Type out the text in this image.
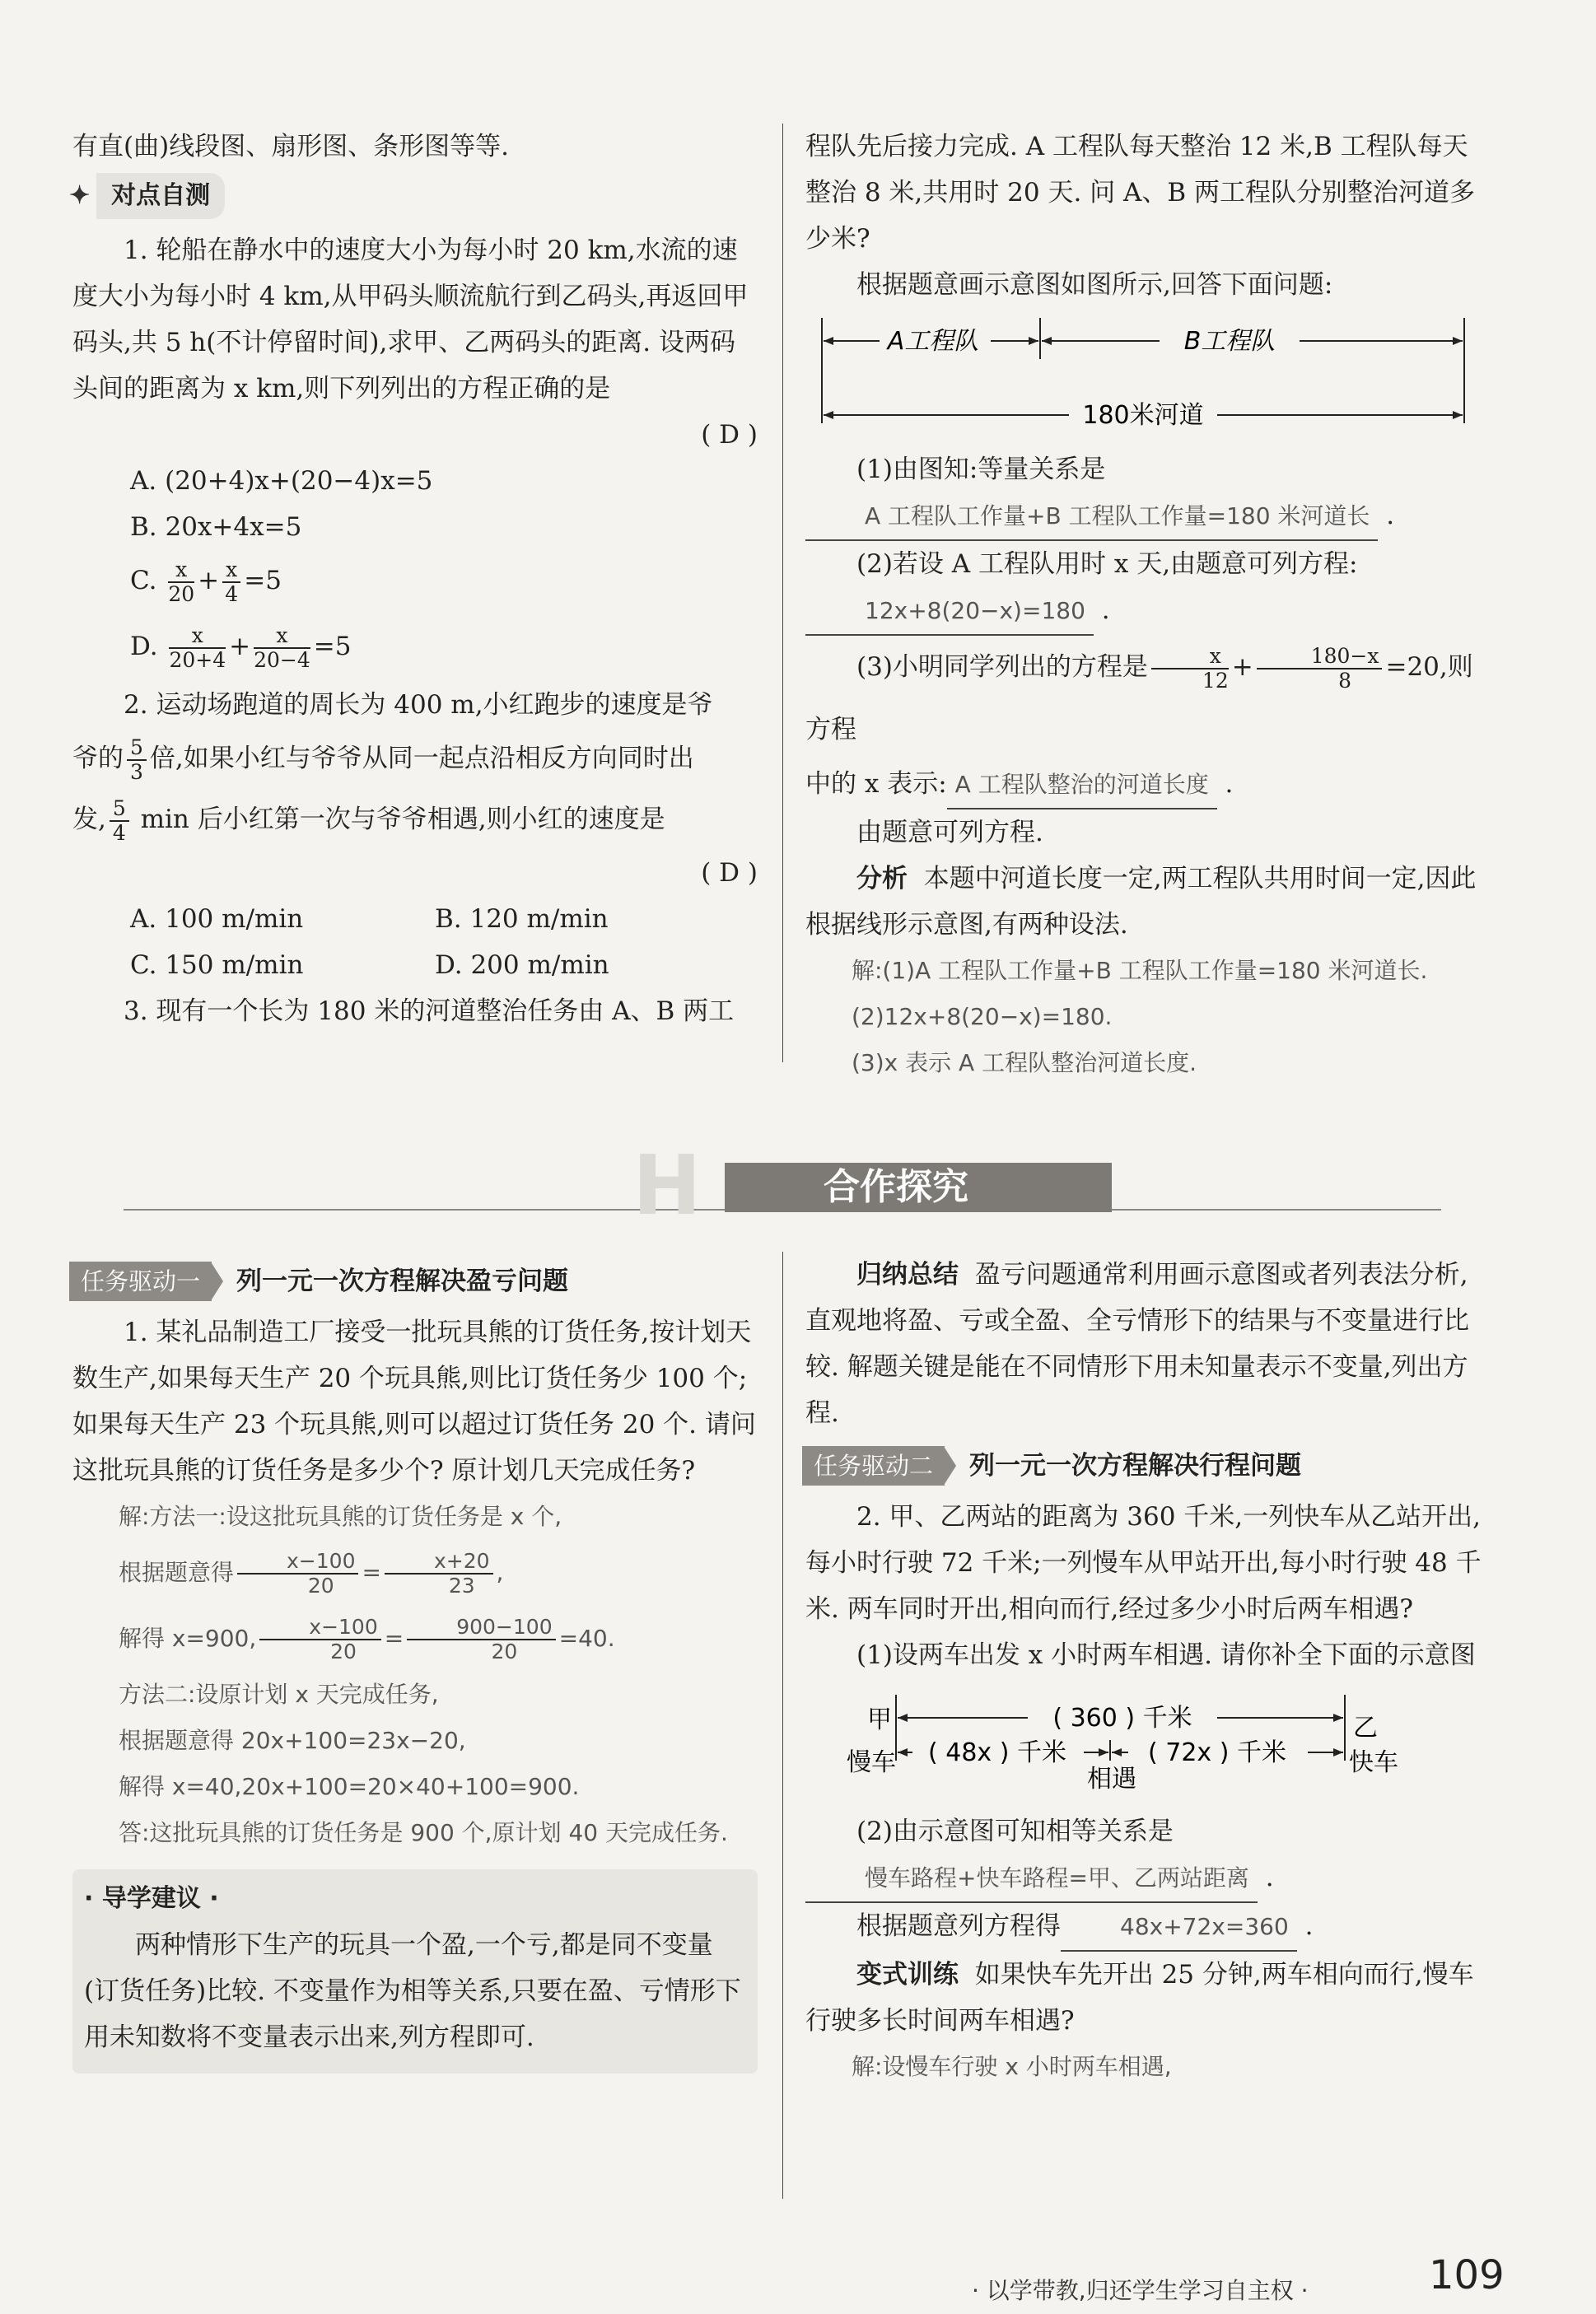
有直(曲)线段图、扇形图、条形图等等.

✦ 对点自测

1. 轮船在静水中的速度大小为每小时 20 km,水流的速度大小为每小时 4 km,从甲码头顺流航行到乙码头,再返回甲码头,共 5 h(不计停留时间),求甲、乙两码头的距离. 设两码头间的距离为 x km,则下列列出的方程正确的是

( D )

A. (20+4)x+(20−4)x=5

B. 20x+4x=5

C. $\frac{x}{20} + \frac{x}{4} =5$

D. $\frac{x}{20+4} + \frac{x}{20-4} =5$

2. 运动场跑道的周长为 400 m,小红跑步的速度是爷

爷的 $\frac{5}{3}$ 倍,如果小红与爷爷从同一起点沿相反方向同时出

发, $\frac{5}{4}$ min 后小红第一次与爷爷相遇,则小红的速度是

( D )

A. 100 m/min	B. 120 m/min
C. 150 m/min	D. 200 m/min

3. 现有一个长为 180 米的河道整治任务由 A、B 两工

程队先后接力完成. A 工程队每天整治 12 米,B 工程队每天整治 8 米,共用时 20 天. 问 A、B 两工程队分别整治河道多少米?

根据题意画示意图如图所示,回答下面问题:

A工程队	B工程队
180米河道

(1)由图知:等量关系是A 工程队工作量+B 工程队工作量=180 米河道长 .

(2)若设 A 工程队用时 x 天,由题意可列方程:12x+8(20−x)=180 .

(3)小明同学列出的方程是 $\frac{x}{12} + \frac{180-x}{8} =20$,则方程

中的 x 表示: A 工程队整治的河道长度 .

由题意可列方程.

分析 本题中河道长度一定,两工程队共用时间一定,因此根据线形示意图,有两种设法.

解:(1)A 工程队工作量+B 工程队工作量=180 米河道长.

(2)12x+8(20−x)=180.

(3)x 表示 A 工程队整治河道长度.

H	合作探究
任务驱动一	列一元一次方程解决盈亏问题

1. 某礼品制造工厂接受一批玩具熊的订货任务,按计划天数生产,如果每天生产 20 个玩具熊,则比订货任务少 100 个;如果每天生产 23 个玩具熊,则可以超过订货任务 20 个. 请问这批玩具熊的订货任务是多少个? 原计划几天完成任务?

解:方法一:设这批玩具熊的订货任务是 x 个,

根据题意得 $\frac{x-100}{20} = \frac{x+20}{23}$ ,

解得 x=900, $\frac{x-100}{20} = \frac{900-100}{20} =40$.

方法二:设原计划 x 天完成任务,

根据题意得 20x+100=23x−20,

解得 x=40,20x+100=20×40+100=900.

答:这批玩具熊的订货任务是 900 个,原计划 40 天完成任务.

· 导学建议 ·

两种情形下生产的玩具一个盈,一个亏,都是同不变量(订货任务)比较. 不变量作为相等关系,只要在盈、亏情形下用未知数将不变量表示出来,列方程即可.

归纳总结 盈亏问题通常利用画示意图或者列表法分析,直观地将盈、亏或全盈、全亏情形下的结果与不变量进行比较. 解题关键是能在不同情形下用未知量表示不变量,列出方程.

任务驱动二	列一元一次方程解决行程问题

2. 甲、乙两站的距离为 360 千米,一列快车从乙站开出,每小时行驶 72 千米;一列慢车从甲站开出,每小时行驶 48 千米. 两车同时开出,相向而行,经过多少小时后两车相遇?

(1)设两车出发 x 小时两车相遇. 请你补全下面的示意图

甲
慢车
乙
快车
( 360 ) 千米
( 48x ) 千米	( 72x ) 千米
相遇

(2)由示意图可知相等关系是慢车路程+快车路程=甲、乙两站距离 .

根据题意列方程得	48x+72x=360 .

变式训练 如果快车先开出 25 分钟,两车相向而行,慢车行驶多长时间两车相遇?

解:设慢车行驶 x 小时两车相遇,

· 以学带教,归还学生学习自主权 ·	109
